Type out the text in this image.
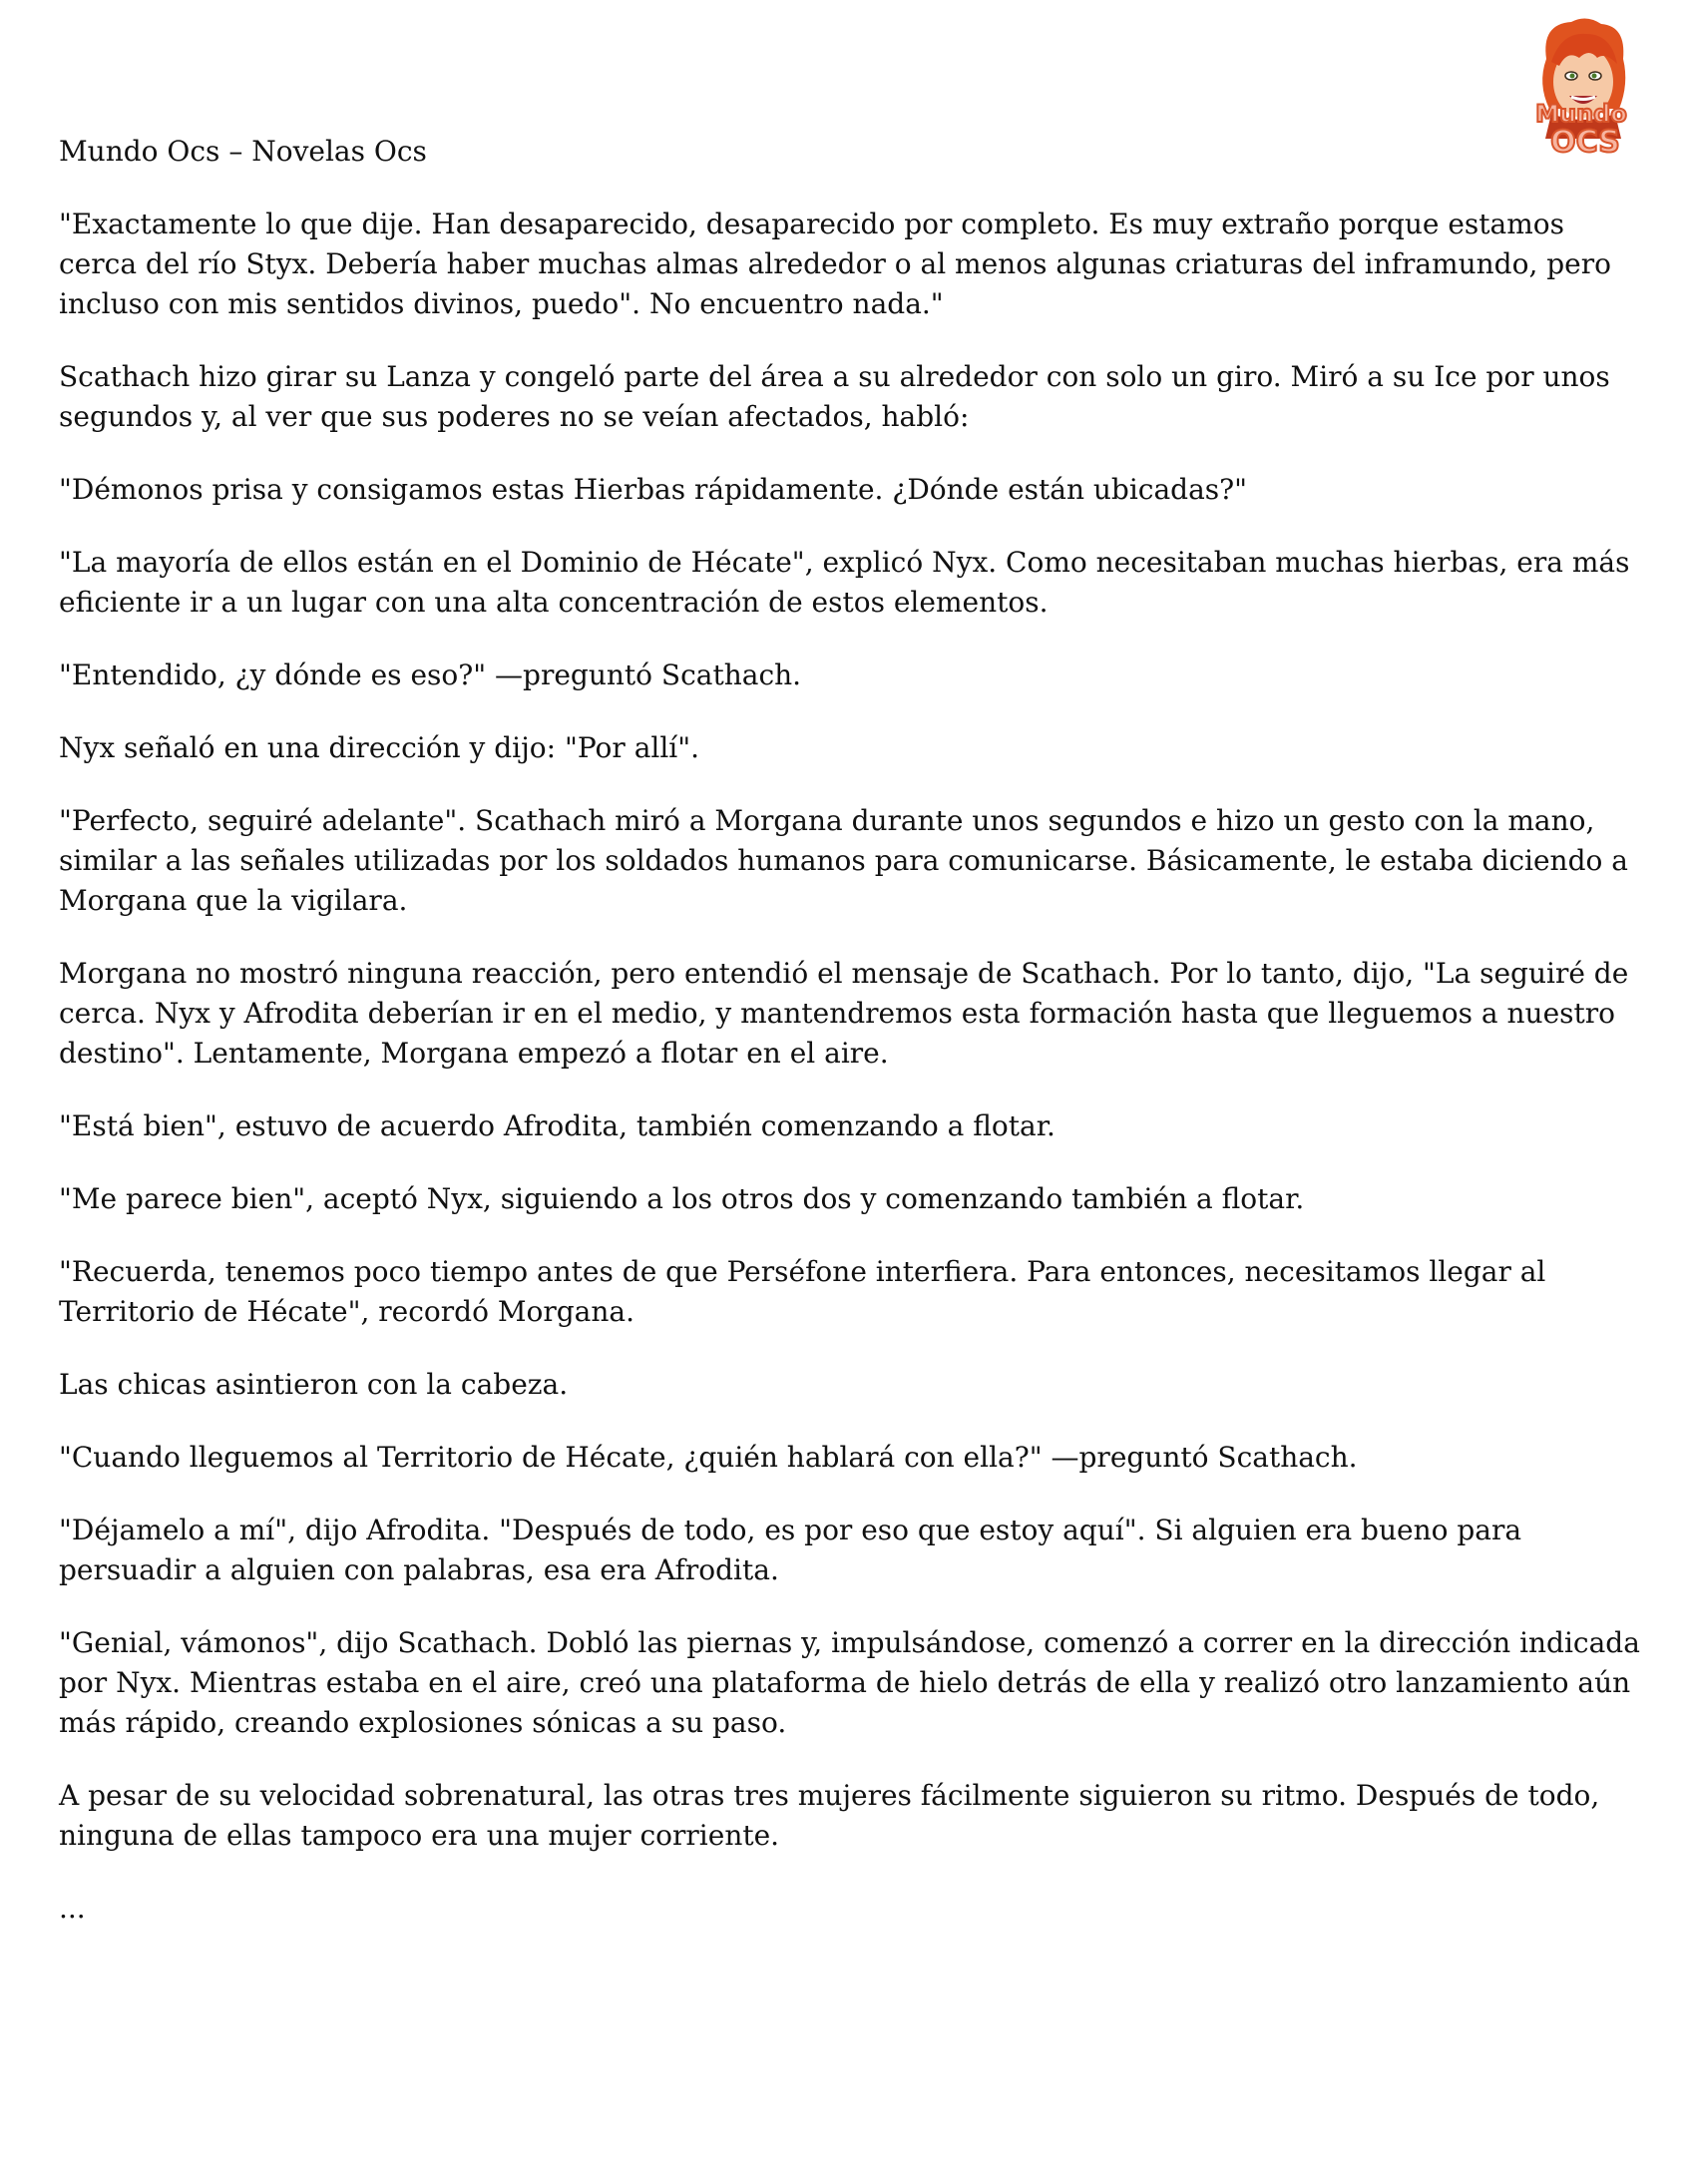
Mundo
OCS
Mundo Ocs – Novelas Ocs

"Exactamente lo que dije. Han desaparecido, desaparecido por completo. Es muy extraño porque estamos cerca del río Styx. Debería haber muchas almas alrededor o al menos algunas criaturas del inframundo, pero incluso con mis sentidos divinos, puedo". No encuentro nada."

Scathach hizo girar su Lanza y congeló parte del área a su alrededor con solo un giro. Miró a su Ice por unos segundos y, al ver que sus poderes no se veían afectados, habló:

"Démonos prisa y consigamos estas Hierbas rápidamente. ¿Dónde están ubicadas?"

"La mayoría de ellos están en el Dominio de Hécate", explicó Nyx. Como necesitaban muchas hierbas, era más eficiente ir a un lugar con una alta concentración de estos elementos.

"Entendido, ¿y dónde es eso?" —preguntó Scathach.

Nyx señaló en una dirección y dijo: "Por allí".

"Perfecto, seguiré adelante". Scathach miró a Morgana durante unos segundos e hizo un gesto con la mano, similar a las señales utilizadas por los soldados humanos para comunicarse. Básicamente, le estaba diciendo a Morgana que la vigilara.

Morgana no mostró ninguna reacción, pero entendió el mensaje de Scathach. Por lo tanto, dijo, "La seguiré de cerca. Nyx y Afrodita deberían ir en el medio, y mantendremos esta formación hasta que lleguemos a nuestro destino". Lentamente, Morgana empezó a flotar en el aire.

"Está bien", estuvo de acuerdo Afrodita, también comenzando a flotar.

"Me parece bien", aceptó Nyx, siguiendo a los otros dos y comenzando también a flotar.

"Recuerda, tenemos poco tiempo antes de que Perséfone interfiera. Para entonces, necesitamos llegar al Territorio de Hécate", recordó Morgana.

Las chicas asintieron con la cabeza.

"Cuando lleguemos al Territorio de Hécate, ¿quién hablará con ella?" —preguntó Scathach.

"Déjamelo a mí", dijo Afrodita. "Después de todo, es por eso que estoy aquí". Si alguien era bueno para persuadir a alguien con palabras, esa era Afrodita.

"Genial, vámonos", dijo Scathach. Dobló las piernas y, impulsándose, comenzó a correr en la dirección indicada por Nyx. Mientras estaba en el aire, creó una plataforma de hielo detrás de ella y realizó otro lanzamiento aún más rápido, creando explosiones sónicas a su paso.

A pesar de su velocidad sobrenatural, las otras tres mujeres fácilmente siguieron su ritmo. Después de todo, ninguna de ellas tampoco era una mujer corriente.

...
